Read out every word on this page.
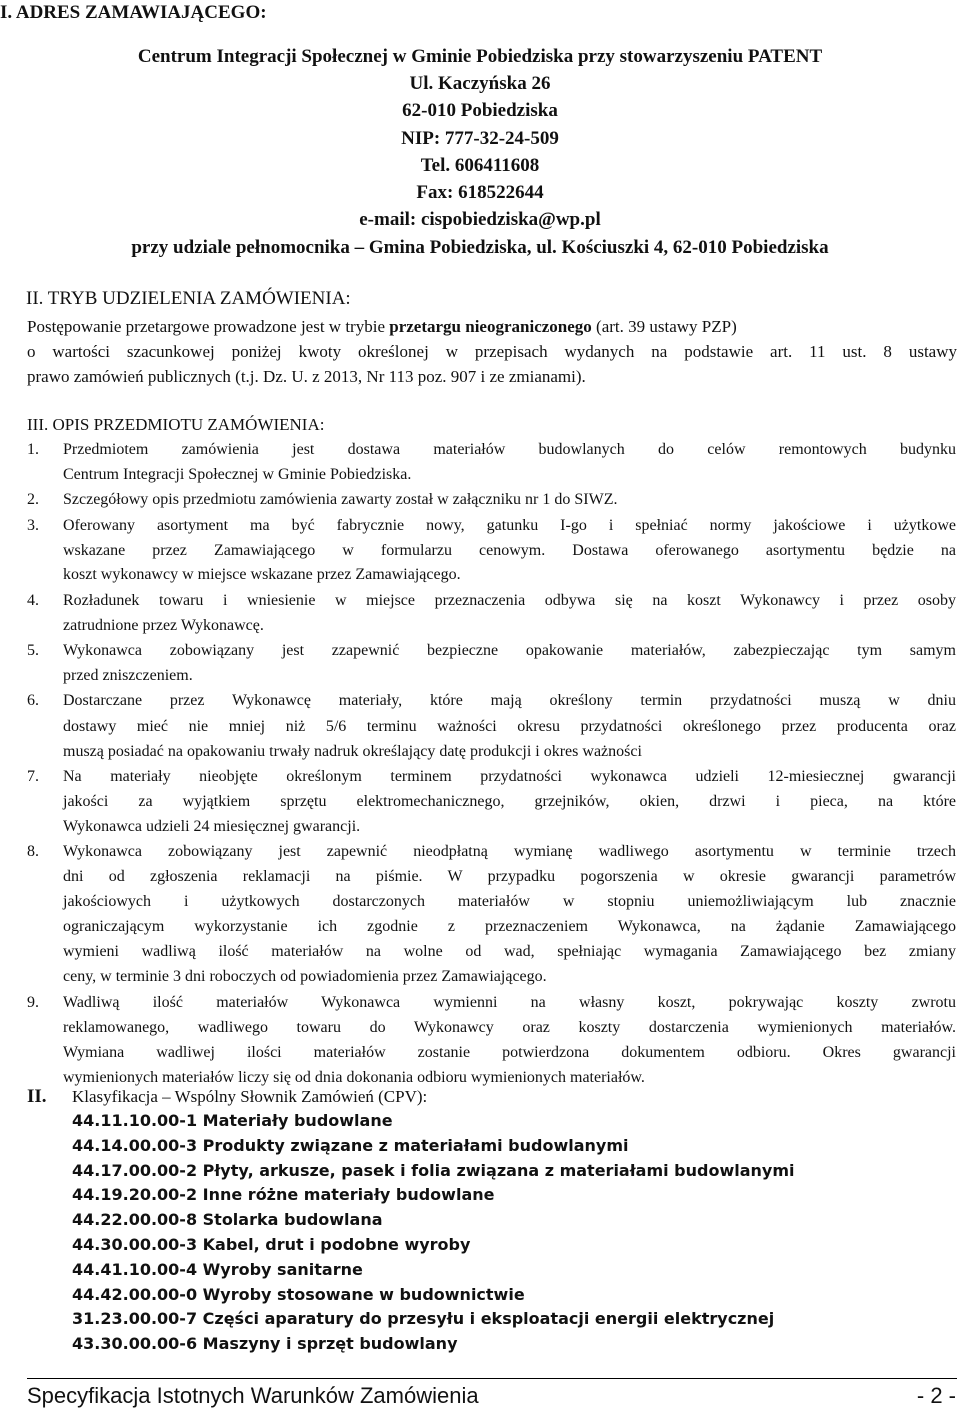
I. ADRES ZAMAWIAJĄCEGO:
Centrum Integracji Społecznej w Gminie Pobiedziska przy stowarzyszeniu PATENT
Ul. Kaczyńska 26
62-010 Pobiedziska
NIP: 777-32-24-509
Tel. 606411608
Fax: 618522644
e-mail: cispobiedziska@wp.pl
przy udziale pełnomocnika – Gmina Pobiedziska, ul. Kościuszki 4, 62-010 Pobiedziska
II. TRYB UDZIELENIA ZAMÓWIENIA:
Postępowanie przetargowe prowadzone jest w trybie przetargu nieograniczonego (art. 39 ustawy PZP)
o wartości szacunkowej poniżej kwoty określonej w przepisach wydanych na podstawie art. 11 ust. 8 ustawy
prawo zamówień publicznych (t.j. Dz. U. z 2013, Nr 113 poz. 907 i ze zmianami).
III. OPIS PRZEDMIOTU ZAMÓWIENIA:
1. Przedmiotem zamówienia jest dostawa materiałów budowlanych do celów remontowych budynku
Centrum Integracji Społecznej w Gminie Pobiedziska.
2. Szczegółowy opis przedmiotu zamówienia zawarty został w załączniku nr 1 do SIWZ.
3. Oferowany asortyment ma być fabrycznie nowy, gatunku I-go i spełniać normy jakościowe i użytkowe
wskazane przez Zamawiającego w formularzu cenowym. Dostawa oferowanego asortymentu będzie na
koszt wykonawcy w miejsce wskazane przez Zamawiającego.
4. Rozładunek towaru i wniesienie w miejsce przeznaczenia odbywa się na koszt Wykonawcy i przez osoby
zatrudnione przez Wykonawcę.
5. Wykonawca zobowiązany jest zzapewnić bezpieczne opakowanie materiałów, zabezpieczając tym samym
przed zniszczeniem.
6. Dostarczane przez Wykonawcę materiały, które mają określony termin przydatności muszą w dniu
dostawy mieć nie mniej niż 5/6 terminu ważności okresu przydatności określonego przez producenta oraz
muszą posiadać na opakowaniu trwały nadruk określający datę produkcji i okres ważności
7. Na materiały nieobjęte określonym terminem przydatności wykonawca udzieli 12-miesiecznej gwarancji
jakości za wyjątkiem sprzętu elektromechanicznego, grzejników, okien, drzwi i pieca, na które
Wykonawca udzieli 24 miesięcznej gwarancji.
8. Wykonawca zobowiązany jest zapewnić nieodpłatną wymianę wadliwego asortymentu w terminie trzech
dni od zgłoszenia reklamacji na piśmie. W przypadku pogorszenia w okresie gwarancji parametrów
jakościowych i użytkowych dostarczonych materiałów w stopniu uniemożliwiającym lub znacznie
ograniczającym wykorzystanie ich zgodnie z przeznaczeniem Wykonawca, na żądanie Zamawiającego
wymieni wadliwą ilość materiałów na wolne od wad, spełniając wymagania Zamawiającego bez zmiany
ceny, w terminie 3 dni roboczych od powiadomienia przez Zamawiającego.
9. Wadliwą ilość materiałów Wykonawca wymienni na własny koszt, pokrywając koszty zwrotu
reklamowanego, wadliwego towaru do Wykonawcy oraz koszty dostarczenia wymienionych materiałów.
Wymiana wadliwej ilości materiałów zostanie potwierdzona dokumentem odbioru. Okres gwarancji
wymienionych materiałów liczy się od dnia dokonania odbioru wymienionych materiałów.
II. Klasyfikacja – Wspólny Słownik Zamówień (CPV):
44.11.10.00-1 Materiały budowlane
44.14.00.00-3 Produkty związane z materiałami budowlanymi
44.17.00.00-2 Płyty, arkusze, pasek i folia związana z materiałami budowlanymi
44.19.20.00-2 Inne różne materiały budowlane
44.22.00.00-8 Stolarka budowlana
44.30.00.00-3 Kabel, drut i podobne wyroby
44.41.10.00-4 Wyroby sanitarne
44.42.00.00-0 Wyroby stosowane w budownictwie
31.23.00.00-7 Części aparatury do przesyłu i eksploatacji energii elektrycznej
43.30.00.00-6 Maszyny i sprzęt budowlany
Specyfikacja Istotnych Warunków Zamówienia	- 2 -
